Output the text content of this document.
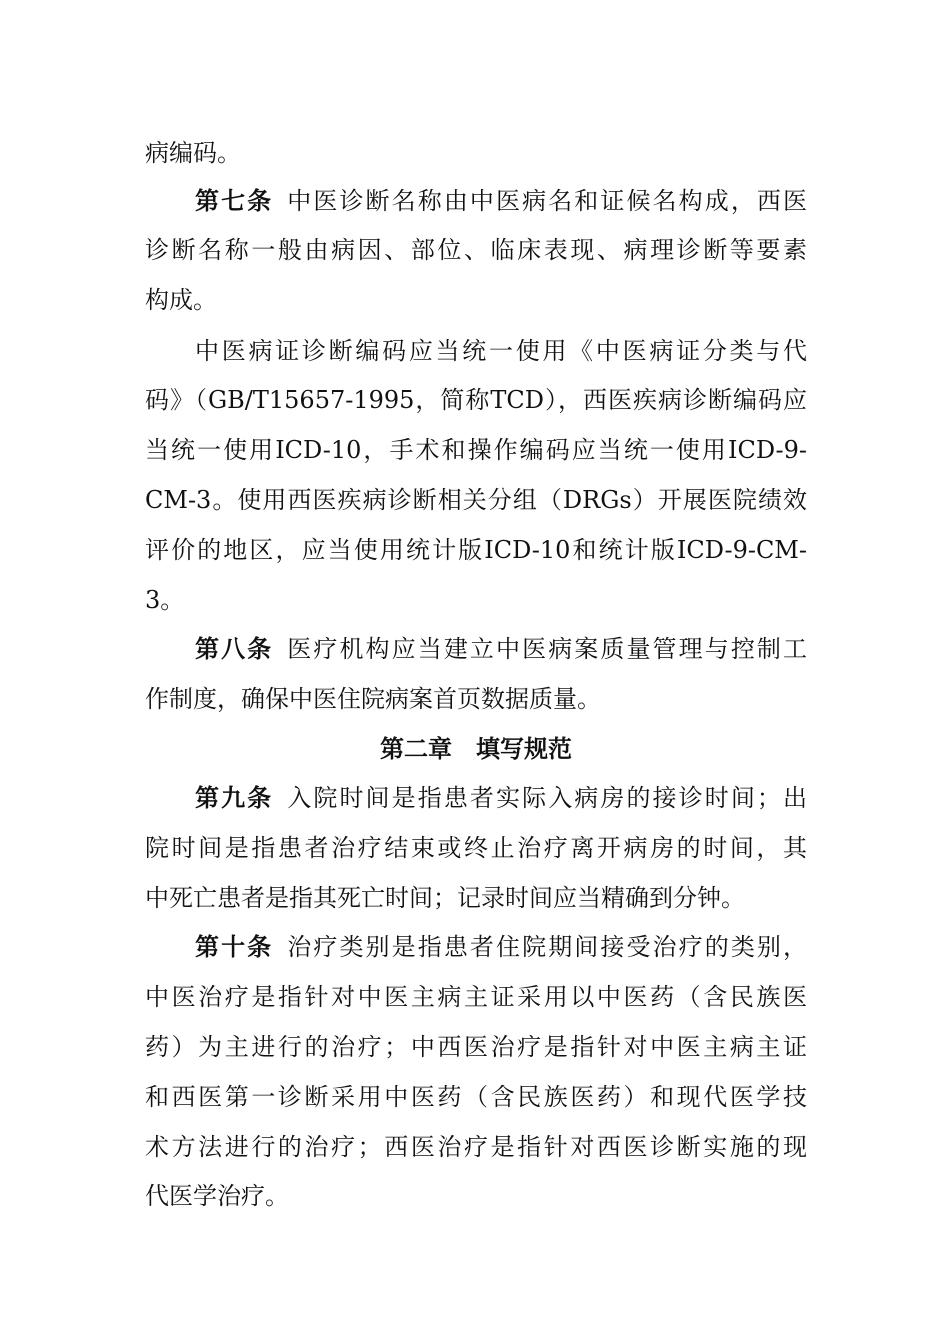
病编码。
第七条 中医诊断名称由中医病名和证候名构成，西医
诊断名称一般由病因、部位、临床表现、病理诊断等要素
构成。
中医病证诊断编码应当统一使用《中医病证分类与代
码》（GB/T15657-1995，简称TCD），西医疾病诊断编码应
当统一使用ICD-10，手术和操作编码应当统一使用ICD-9-
CM-3。使用西医疾病诊断相关分组（DRGs）开展医院绩效
评价的地区，应当使用统计版ICD-10和统计版ICD-9-CM-
3。
第八条 医疗机构应当建立中医病案质量管理与控制工
作制度，确保中医住院病案首页数据质量。
第二章　填写规范
第九条 入院时间是指患者实际入病房的接诊时间；出
院时间是指患者治疗结束或终止治疗离开病房的时间，其
中死亡患者是指其死亡时间；记录时间应当精确到分钟。
第十条 治疗类别是指患者住院期间接受治疗的类别，
中医治疗是指针对中医主病主证采用以中医药（含民族医
药）为主进行的治疗；中西医治疗是指针对中医主病主证
和西医第一诊断采用中医药（含民族医药）和现代医学技
术方法进行的治疗；西医治疗是指针对西医诊断实施的现
代医学治疗。
